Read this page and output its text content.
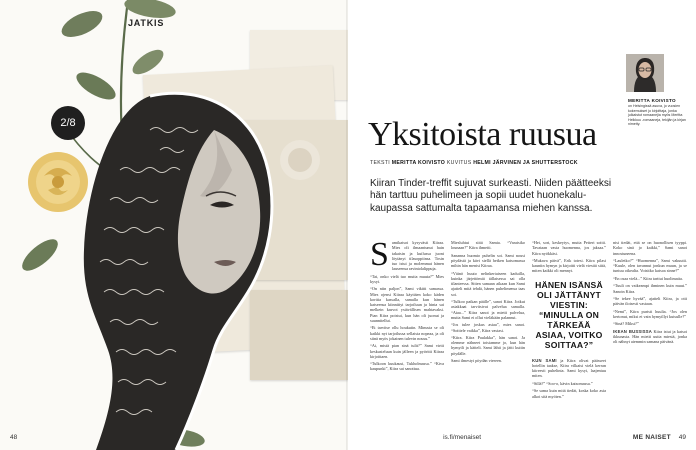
JATKIS
2/8
48
MERITTA KOIVISTO
on Helsingissä asuva, jo vuosien kokemukset jo kirjoittaja, jonka julkaistut romaanejia myös Meritta Helkkuu -romaaneja, tekijän ja kirjan nimetty.
Yksitoista ruusua
TEKSTI MERITTA KOIVISTO KUVITUS HELMI JÄRVINEN JA SHUTTERSTOCK
Kiiran Tinder-treffit sujuvat surkeasti. Niiden päätteeksi hän tarttuu puhelimeen ja sopii uudet huonekalukaupassa sattumalta tapaamansa miehen kanssa.

Samikatsoi kysyvästi Kiiraa. Mies oli ilmaantunut hain takaisin ja kuilussa juoni löytänyt tilasoppiinsa. Tosin tuo istui ja molemmat hänen lauseensa ravintolalippuja.

“Tai, onko vielä tuo mutta muuta?” Mies kysyi.

“On niin paljon”, Sami vikitti samassa. Mies ojensi Kiiraa käyttäen koko käden korttia kassalla, samalla kun hänen katseensa kiinnittyi tarjoiluun ja hinta sai melkein kasvot ystävällisen mahtavaksi. Pian Kiira poistui, kun hän oli juonut ja suunnitellut.

“Et tarvitse ollu houkutin. Minusta se oli kaikki nyt tarjoilussa sellaista nopeaa, ja oli siinä myös jokainen tulevin nousu.”

“Ai, mistä pian sinä tulit?” Sami virtti keskusteluun kuin jälleen ja pyöritti Kiiraa kirjoittaen.

“Tulkoon kuukausi, Tukholmassa.” “Kiva kaupunki”, Kiira sai sanottua.

Miesluhtui siitä Samia. “Varaisiko lounaan?” Kiira ihmetti.

Sananna huomio puhelin soi. Sami nousi pöydästä ja kävi siellä hetken katsomassa mihin hän menisi Kiiraa.

“Väinö huuto nelinkertaiseen kaduilla, kuinka järjettömiä tällaisessa sai olla tilanteessa. Sitten samaan aikaan kun Sami ajatteli mitä tehdä, hänen puhelimensa taas soi.

“Tulkoo paikan päälle”, sanoi Kiira. Jotkut asiakkaat tarvitsivat palvelua samalla. “Aiaa...” Kiira sanoi ja mietti palvelua, mutta Sami ei ollut vieläkään palannut.

“Jos tulee joskus asiaa”, mies sanoi. “Soittele vaikka”, Kiira vastasi.

“Kiira. Kiira Paulakka”, hän sanoi. Ja olemme nähneet toisiamme jo, kun hän hymyili ja kätteli. Sami lähti ja jätti kuitin pöydälle.

Sami ilmestyi pöydän viereen.

“Hei, sori, keskeytys, mutta Petteri soitti. Tavataan vasta huomenna, jos jaksaa.” Kiira nyökkäsi.

“Mukava päivä”, Erik totesi. Kiira pilasi kauniin hymyn ja kirjoitti vielä viestiä siitä, miten kaikki oli mennyt.

HÄNEN ISÄNSÄ OLI JÄTTÄNYT VIESTIN: “MINULLA ON TÄRKEÄÄ ASIAA, VOITKO SOITTAA?”

KUN SAMI ja Kiira olivat päässeet hotellin taakse, Kiira vilkaisi vielä kerran kiireesti puhelinta. Sami kysyi, laajentuu miten.

“Sillä?” “Soo-o, kävin katsomassa.”

“Se sama kuin mitä tiedät, koska koko asia alkoi sitä myöten.”

nisi tiedät, että se on huonollisen tyyppi. Koko sinä jo kaikki,” Sami sanoi innostuneena.

“Lauletko?” “Huomenna”, Sami vakuutti. “Kuule, olen tavannut jonkun muun, ja se tuntuu oikealta. Voisitko katsoa sinne?”

“En osaa vielä...” Kiira tarttui huolimatta.

“Tuuli on vaikeampi ihminen kuin muut.” Sanoin Kiira.

“Se tekee hyvää”, ajatteli Kiira, ja otti päivän iloisesti vastaan.

“Nemi”, Kiira puristi huulia. “Jos olen kertonut, miksi et vain hymyillyt kutsulle?”

“Sinä? Miksi?”

IKEAN BUSSISSA Kiira istui ja katsoi ikkunasta. Hän mietti uutta miestä, jonka oli nähnyt aiemmin samana päivänä.

is.fi/menaiset	ME NAISET 49
